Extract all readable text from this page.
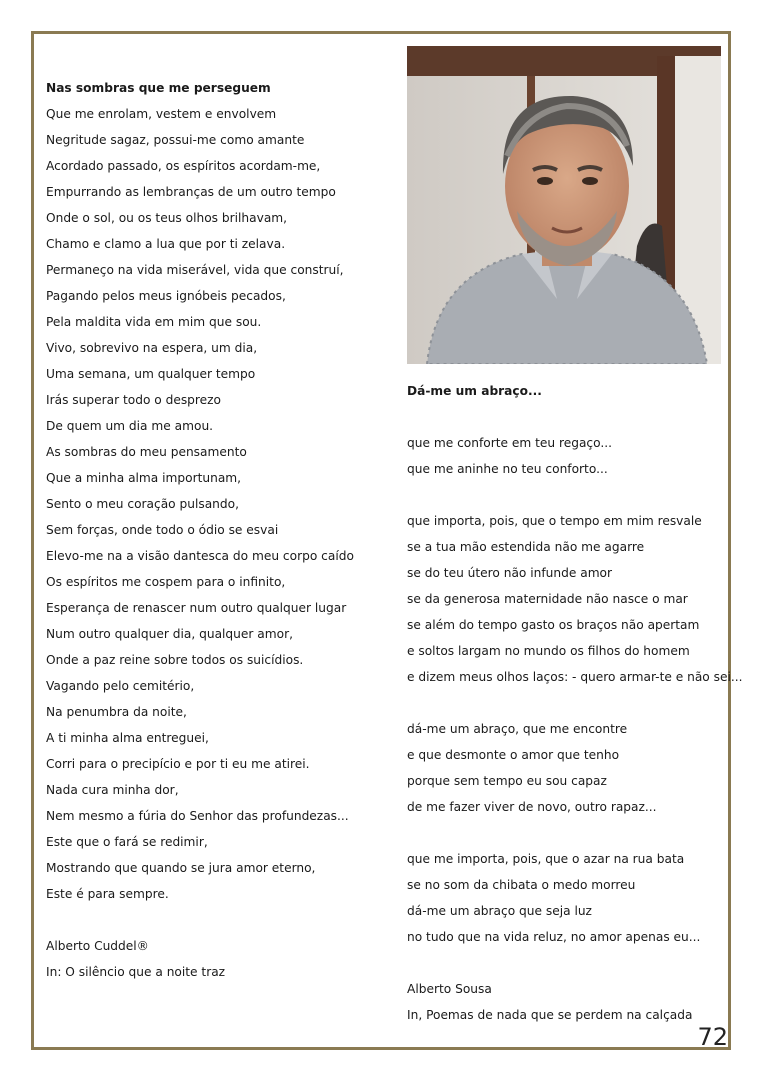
Nas sombras que me perseguem
Que me enrolam, vestem e envolvem
Negritude sagaz, possui-me como amante
Acordado passado, os espíritos acordam-me,
Empurrando as lembranças de um outro tempo
Onde o sol, ou os teus olhos brilhavam,
Chamo e clamo a lua que por ti zelava.
Permaneço na vida miserável, vida que construí,
Pagando pelos meus ignóbeis pecados,
Pela maldita vida em mim que sou.
Vivo, sobrevivo na espera, um dia,
Uma semana, um qualquer tempo
Irás superar todo o desprezo
De quem um dia me amou.
As sombras do meu pensamento
Que a minha alma importunam,
Sento o meu coração pulsando,
Sem forças, onde todo o ódio se esvai
Elevo-me na a visão dantesca do meu corpo caído
Os espíritos me cospem para o infinito,
Esperança de renascer num outro qualquer lugar
Num outro qualquer dia, qualquer amor,
Onde a paz reine sobre todos os suicídios.
Vagando pelo cemitério,
Na penumbra da noite,
A ti minha alma entreguei,
Corri para o precipício e por ti eu me atirei.
Nada cura minha dor,
Nem mesmo a fúria do Senhor das profundezas...
Este que o fará se redimir,
Mostrando que quando se jura amor eterno,
Este é para sempre.
Alberto Cuddel®
In: O silêncio que a noite traz
Dá-me um abraço...
que me conforte em teu regaço...
que me aninhe no teu conforto...
que importa, pois, que o tempo em mim resvale
se a tua mão estendida não me agarre
se do teu útero não infunde amor
se da generosa maternidade não nasce o mar
se além do tempo gasto os braços não apertam
e soltos largam no mundo os filhos do homem
e dizem meus olhos laços: - quero armar-te e não sei...
dá-me um abraço, que me encontre
e que desmonte o amor que tenho
porque sem tempo eu sou capaz
de me fazer viver de novo, outro rapaz...
que me importa, pois, que o azar na rua bata
se no som da chibata o medo morreu
dá-me um abraço que seja luz
no tudo que na vida reluz, no amor apenas eu...
Alberto Sousa
In, Poemas de nada que se perdem na calçada
72
